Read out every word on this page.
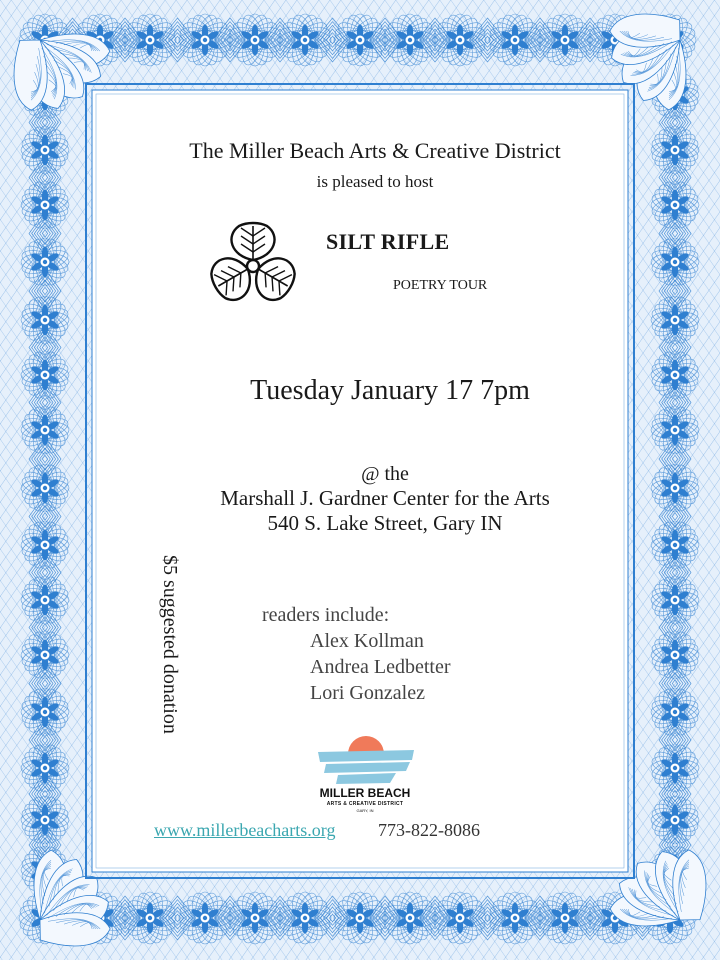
The Miller Beach Arts & Creative District
is pleased to host
SILT RIFLE
POETRY TOUR
Tuesday January 17 7pm
@ the
Marshall J. Gardner Center for the Arts
540 S. Lake Street, Gary IN
$5 suggested donation	readers include:
Alex Kollman
Andrea Ledbetter
Lori Gonzalez
MILLER BEACH
ARTS & CREATIVE DISTRICT
GARY, IN
www.millerbeacharts.org 773-822-8086
